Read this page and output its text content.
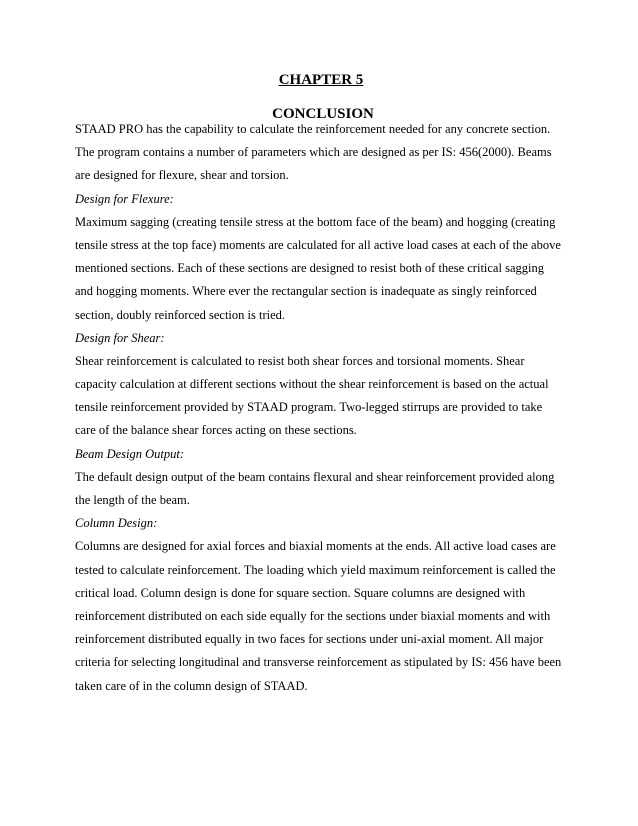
CHAPTER 5
CONCLUSION
STAAD PRO has the capability to calculate the reinforcement needed for any concrete section.
The program contains a number of parameters which are designed as per IS: 456(2000). Beams
are designed for flexure, shear and torsion.
Design for Flexure:
Maximum sagging (creating tensile stress at the bottom face of the beam) and hogging (creating
tensile stress at the top face) moments are calculated for all active load cases at each of the above
mentioned sections. Each of these sections are designed to resist both of these critical sagging
and hogging moments. Where ever the rectangular section is inadequate as singly reinforced
section, doubly reinforced section is tried.
Design for Shear:
Shear reinforcement is calculated to resist both shear forces and torsional moments. Shear
capacity calculation at different sections without the shear reinforcement is based on the actual
tensile reinforcement provided by STAAD program. Two-legged stirrups are provided to take
care of the balance shear forces acting on these sections.
Beam Design Output:
The default design output of the beam contains flexural and shear reinforcement provided along
the length of the beam.
Column Design:
Columns are designed for axial forces and biaxial moments at the ends. All active load cases are
tested to calculate reinforcement. The loading which yield maximum reinforcement is called the
critical load. Column design is done for square section. Square columns are designed with
reinforcement distributed on each side equally for the sections under biaxial moments and with
reinforcement distributed equally in two faces for sections under uni-axial moment. All major
criteria for selecting longitudinal and transverse reinforcement as stipulated by IS: 456 have been
taken care of in the column design of STAAD.
